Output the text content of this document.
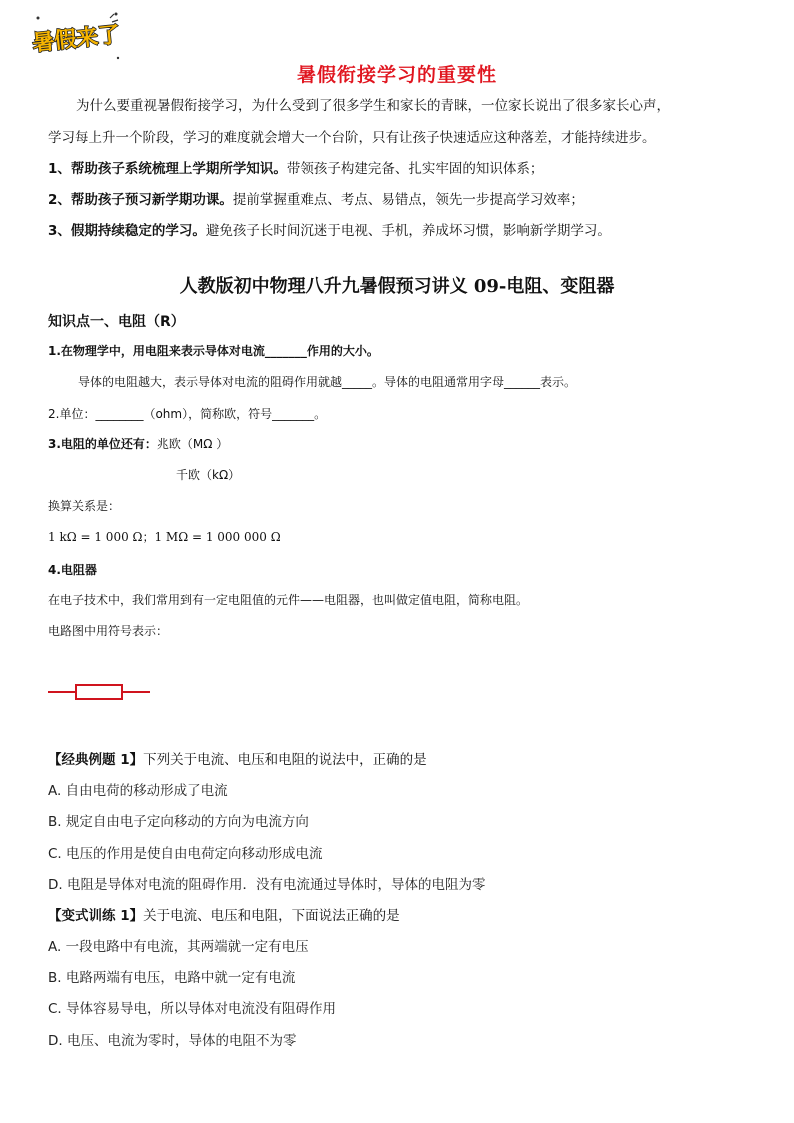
暑假来了
暑假衔接学习的重要性
为什么要重视暑假衔接学习，为什么受到了很多学生和家长的青睐，一位家长说出了很多家长心声，
学习每上升一个阶段，学习的难度就会增大一个台阶，只有让孩子快速适应这种落差，才能持续进步。
1、帮助孩子系统梳理上学期所学知识。带领孩子构建完备、扎实牢固的知识体系；
2、帮助孩子预习新学期功课。提前掌握重难点、考点、易错点，领先一步提高学习效率；
3、假期持续稳定的学习。避免孩子长时间沉迷于电视、手机，养成坏习惯，影响新学期学习。
人教版初中物理八升九暑假预习讲义 09-电阻、变阻器
知识点一、电阻（R）
1.在物理学中，用电阻来表示导体对电流_______作用的大小。
导体的电阻越大，表示导体对电流的阻碍作用就越_____。导体的电阻通常用字母______表示。
2.单位：________（ohm），简称欧，符号_______。
3.电阻的单位还有：兆欧（MΩ ）
千欧（kΩ）
换算关系是：
1 kΩ = 1 000 Ω；1 MΩ = 1 000 000 Ω
4.电阻器
在电子技术中，我们常用到有一定电阻值的元件——电阻器，也叫做定值电阻，简称电阻。
电路图中用符号表示：
【经典例题 1】下列关于电流、电压和电阻的说法中，正确的是
A. 自由电荷的移动形成了电流
B. 规定自由电子定向移动的方向为电流方向
C. 电压的作用是使自由电荷定向移动形成电流
D. 电阻是导体对电流的阻碍作用．没有电流通过导体时，导体的电阻为零
【变式训练 1】关于电流、电压和电阻，下面说法正确的是
A. 一段电路中有电流，其两端就一定有电压
B. 电路两端有电压，电路中就一定有电流
C. 导体容易导电，所以导体对电流没有阻碍作用
D. 电压、电流为零时，导体的电阻不为零
